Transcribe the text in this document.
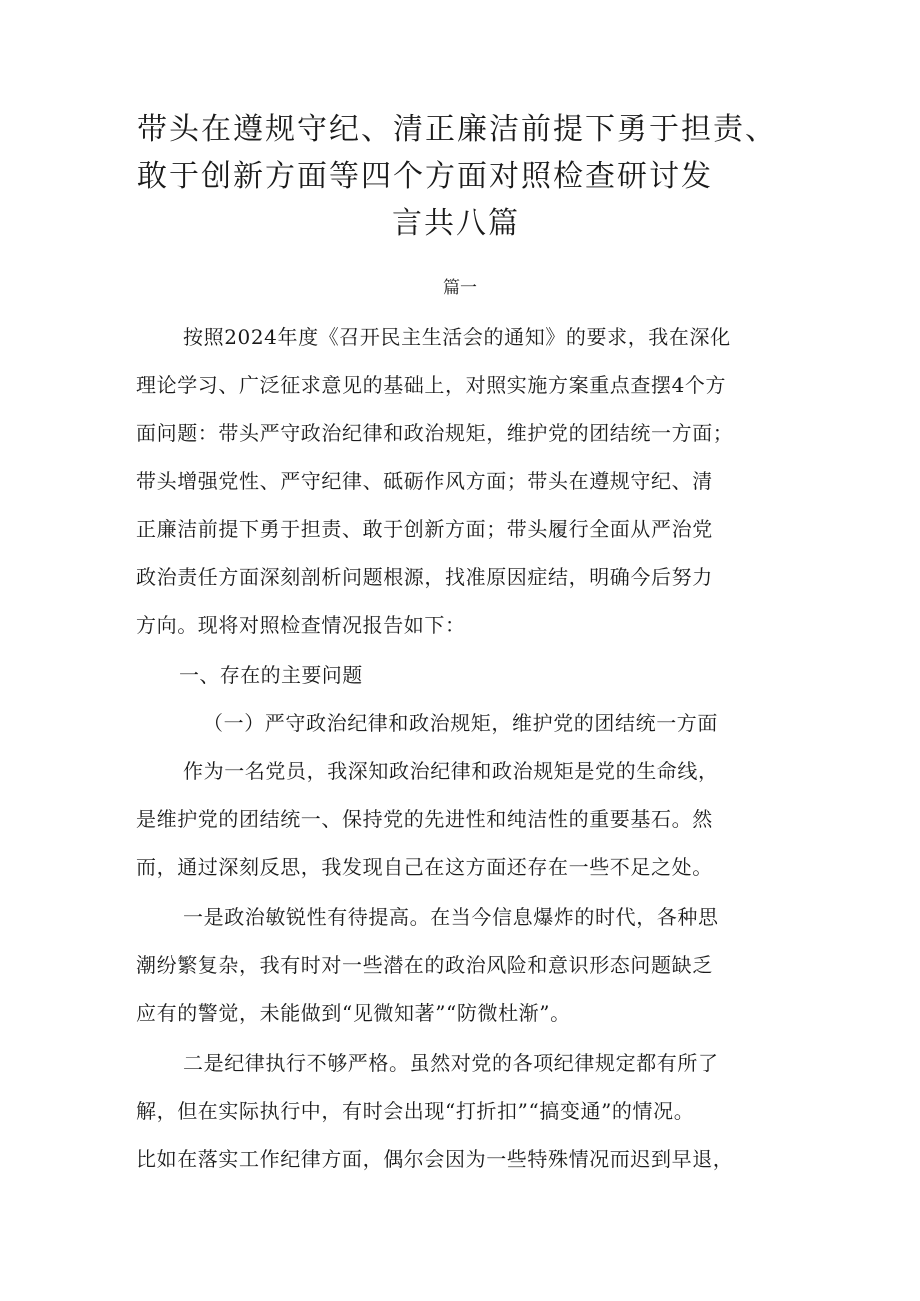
带头在遵规守纪、清正廉洁前提下勇于担责、
敢于创新方面等四个方面对照检查研讨发
言共八篇
篇一
按照2024年度《召开民主生活会的通知》的要求，我在深化
理论学习、广泛征求意见的基础上，对照实施方案重点查摆4个方
面问题：带头严守政治纪律和政治规矩，维护党的团结统一方面；
带头增强党性、严守纪律、砥砺作风方面；带头在遵规守纪、清
正廉洁前提下勇于担责、敢于创新方面；带头履行全面从严治党
政治责任方面深刻剖析问题根源，找准原因症结，明确今后努力
方向。现将对照检查情况报告如下：
一、存在的主要问题
（一）严守政治纪律和政治规矩，维护党的团结统一方面
作为一名党员，我深知政治纪律和政治规矩是党的生命线，
是维护党的团结统一、保持党的先进性和纯洁性的重要基石。然
而，通过深刻反思，我发现自己在这方面还存在一些不足之处。
一是政治敏锐性有待提高。在当今信息爆炸的时代，各种思
潮纷繁复杂，我有时对一些潜在的政治风险和意识形态问题缺乏
应有的警觉，未能做到“见微知著”“防微杜渐”。
二是纪律执行不够严格。虽然对党的各项纪律规定都有所了
解，但在实际执行中，有时会出现“打折扣”“搞变通”的情况。
比如在落实工作纪律方面，偶尔会因为一些特殊情况而迟到早退，
